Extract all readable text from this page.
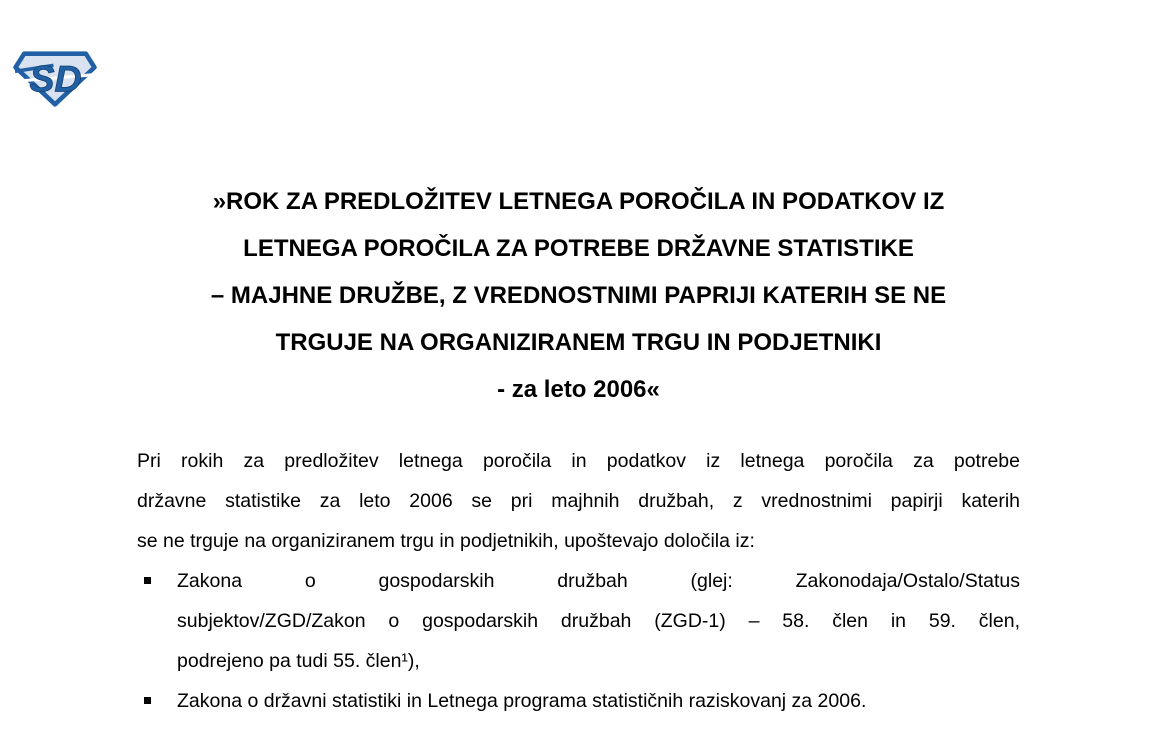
SD
»ROK ZA PREDLOŽITEV LETNEGA POROČILA IN PODATKOV IZ
LETNEGA POROČILA ZA POTREBE DRŽAVNE STATISTIKE
– MAJHNE DRUŽBE, Z VREDNOSTNIMI PAPRIJI KATERIH SE NE
TRGUJE NA ORGANIZIRANEM TRGU IN PODJETNIKI
- za leto 2006«
Pri rokih za predložitev letnega poročila in podatkov iz letnega poročila za potrebe
državne statistike za leto 2006 se pri majhnih družbah, z vrednostnimi papirji katerih
se ne trguje na organiziranem trgu in podjetnikih, upoštevajo določila iz:
Zakona o gospodarskih družbah (glej: Zakonodaja/Ostalo/Status
subjektov/ZGD/Zakon o gospodarskih družbah (ZGD-1) – 58. člen in 59. člen,
podrejeno pa tudi 55. člen¹),
Zakona o državni statistiki in Letnega programa statističnih raziskovanj za 2006.
